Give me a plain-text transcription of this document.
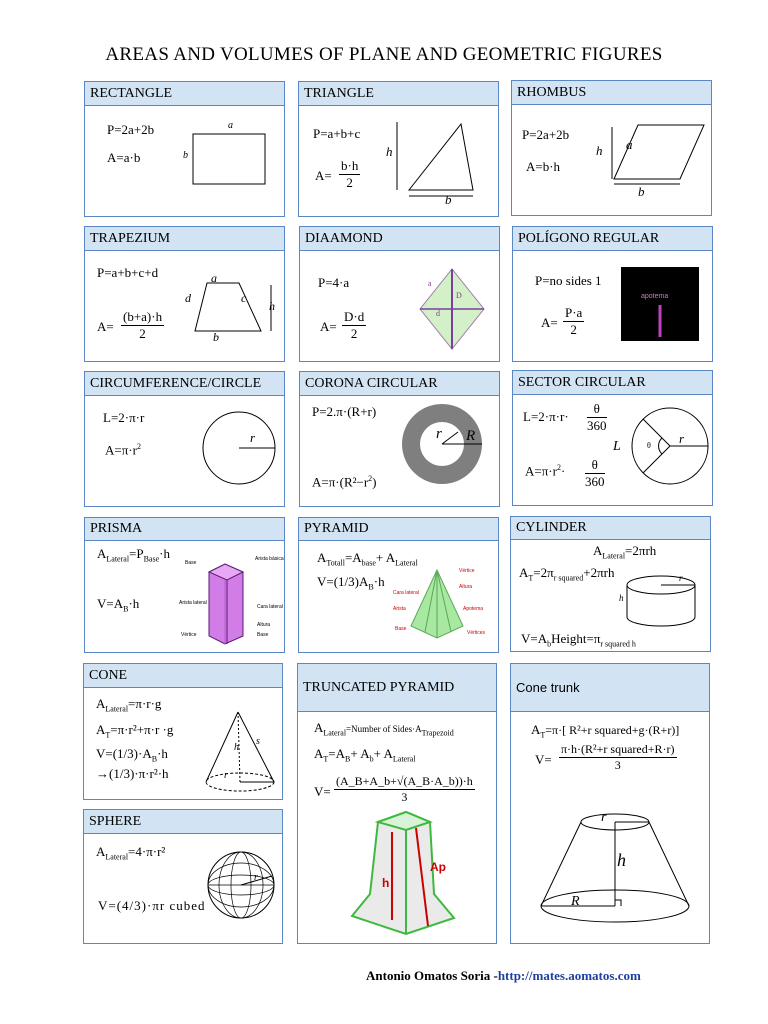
AREAS AND VOLUMES OF PLANE AND GEOMETRIC FIGURES
RECTANGLE
P=2a+2b
A=a·b
a
b
TRIANGLE
P=a+b+c
$A= \frac{b\cdot h}{2}$
h
b
RHOMBUS
P=2a+2b
A=b·h
h a
b
TRAPEZIUM
P=a+b+c+d
$A= \frac{(b+a)\cdot h}{2}$
a
d	c
h
b
DIAAMOND
P=4·a
$A= \frac{D\cdot d}{2}$
a
D
d
POLÍGONO REGULAR
P=no sides 1
$A= \frac{P\cdot a}{2}$
apotema
CIRCUMFERENCE/CIRCLE
L=2·π·r
$A=\pi\cdot r^2$
r
CORONA CIRCULAR
P=2.π·(R+r)
$A=\pi\cdot(R^2-r^2)$
r R
SECTOR CIRCULAR
$L=2\cdot\pi\cdot r\cdot \frac{\theta}{360}$
$A=\pi\cdot r^2\cdot \frac{\theta}{360}$
L
r
θ
PRISMA
$A_{Lateral}=P_{Base}\cdot h$
$V=A_B\cdot h$
Base
Arista básica
Arista lateral
Cara lateral
Altura
Vértice	Base
PYRAMID
$A_{Totall}=A_{base}+ A_{Lateral}$
$V=(1/3)A_B\cdot h$
Vértice
Altura
Cara lateral
Arista	Apotema
Base
Vértices
CYLINDER
$A_{Lateral}=2\pi rh$
$A_T=2\pi_{r squared}+2\pi rh$
$V=A_bHeight=\pi_{r squared h}$
r
h
CONE
$A_{Lateral}=\pi\cdot r\cdot g$
$A_T=\pi\cdot r^2+\pi\cdot r \cdot g$
$V=(1/3)\cdot A_B\cdot h$
→(1/3)·π·r²·h
h
s
r
SPHERE
$A_{Lateral}=4\cdot\pi\cdot r^2$
V=(4/3)·πr cubed
r
TRUNCATED PYRAMID
$A_{Lateral}=Number$ of $Sides\cdot A_{Trapezoid}$
$A_T=A_B+ A_b+ A_{Lateral}$
$V= \frac{(A\_B+A\_b+√(A\_B\cdot A\_b))\cdot h}{3}$
h
Ap
Cone trunk
$A_T=\pi\cdot$[ R²+r squared+g·(R+r)]
V=
π·h·(R²+r squared+R·r)
3
r
h
R
Antonio Omatos Soria -http://mates.aomatos.com
